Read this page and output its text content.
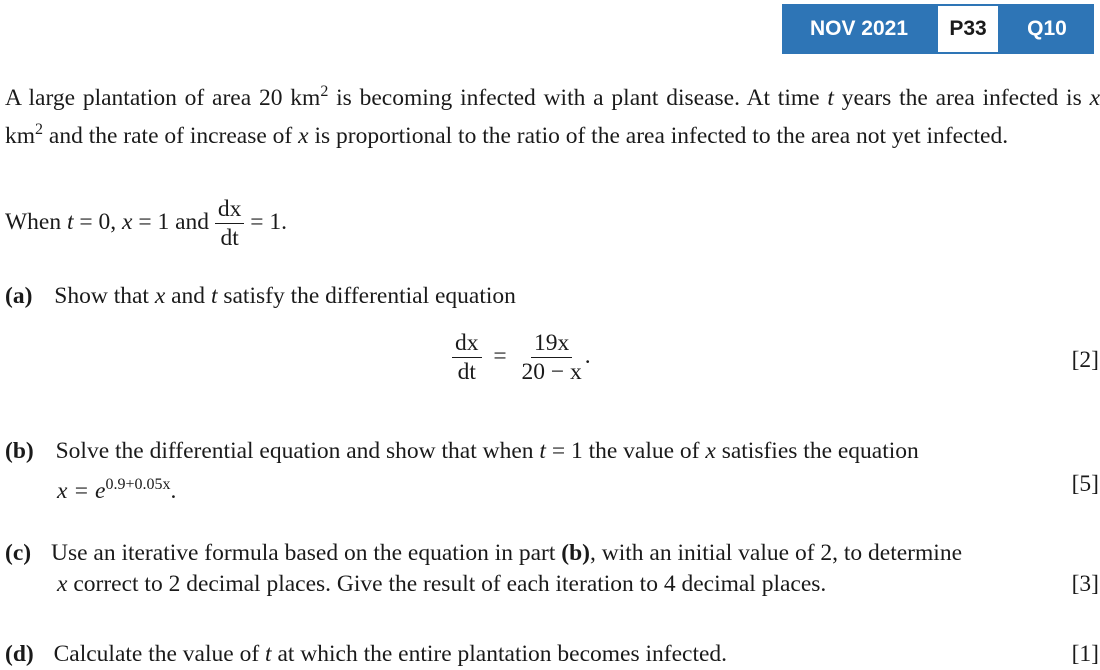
NOV 2021	P33	Q10
A large plantation of area 20 $km^2$ is becoming infected with a plant disease. At time t years the area infected is x $km^2$ and the rate of increase of x is proportional to the ratio of the area infected to the area not yet infected.
When t = 0, x = 1 and $\frac{dx}{dt} = 1$.
(a) Show that x and t satisfy the differential equation
$\frac{dx}{dt} = \frac{19x}{20 - x}$ .	[2]
(b) Solve the differential equation and show that when t = 1 the value of x satisfies the equation
$x = e^{0.9+0.05x}$.	[5]
(c) Use an iterative formula based on the equation in part (b), with an initial value of 2, to determine
x correct to 2 decimal places. Give the result of each iteration to 4 decimal places.	[3]
(d) Calculate the value of t at which the entire plantation becomes infected.	[1]
